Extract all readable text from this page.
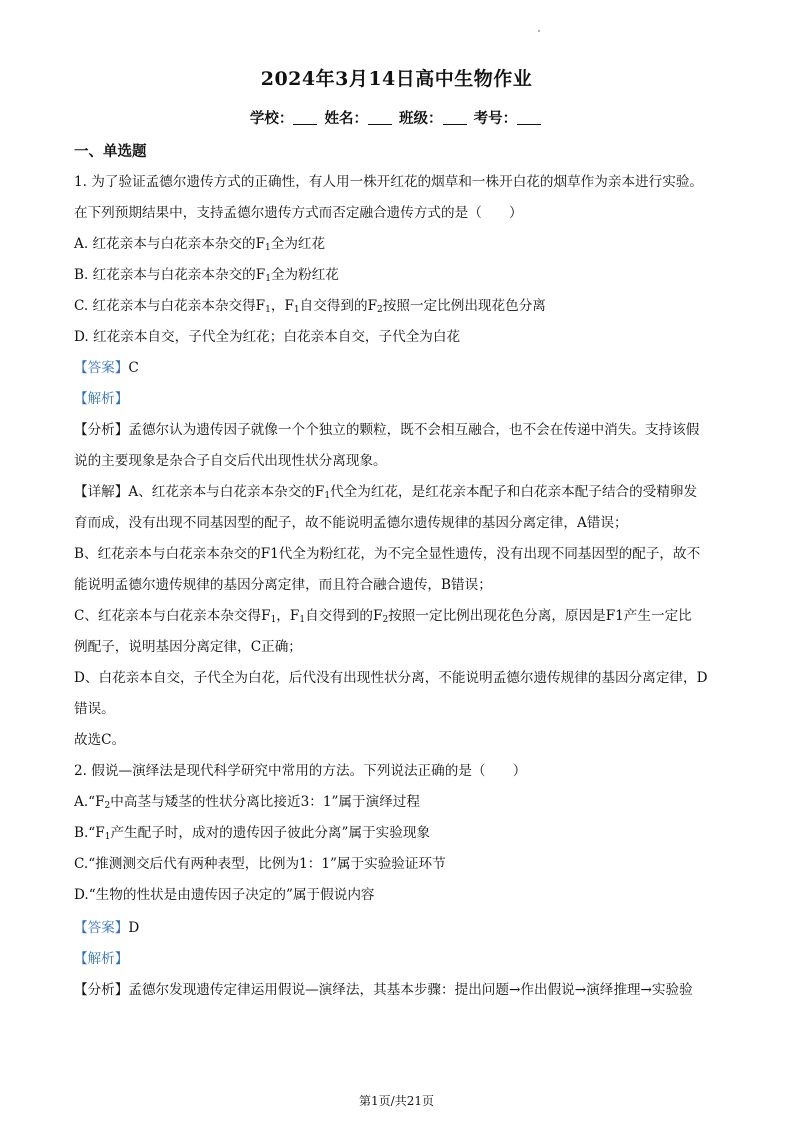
2024年3月14日高中生物作业
学校： 姓名： 班级： 考号：
一、单选题
1. 为了验证孟德尔遗传方式的正确性，有人用一株开红花的烟草和一株开白花的烟草作为亲本进行实验。
在下列预期结果中，支持孟德尔遗传方式而否定融合遗传方式的是（　　）
A. 红花亲本与白花亲本杂交的$F_1$全为红花
B. 红花亲本与白花亲本杂交的$F_1$全为粉红花
C. 红花亲本与白花亲本杂交得$F_1$，$F_1$自交得到的$F_2$按照一定比例出现花色分离
D. 红花亲本自交，子代全为红花；白花亲本自交，子代全为白花
【答案】C
【解析】
【分析】孟德尔认为遗传因子就像一个个独立的颗粒，既不会相互融合，也不会在传递中消失。支持该假
说的主要现象是杂合子自交后代出现性状分离现象。
【详解】A、红花亲本与白花亲本杂交的$F_1$代全为红花，是红花亲本配子和白花亲本配子结合的受精卵发
育而成，没有出现不同基因型的配子，故不能说明孟德尔遗传规律的基因分离定律，A错误；
B、红花亲本与白花亲本杂交的F1代全为粉红花，为不完全显性遗传，没有出现不同基因型的配子，故不
能说明孟德尔遗传规律的基因分离定律，而且符合融合遗传，B错误；
C、红花亲本与白花亲本杂交得$F_1$，$F_1$自交得到的$F_2$按照一定比例出现花色分离，原因是F1产生一定比
例配子，说明基因分离定律，C正确；
D、白花亲本自交，子代全为白花，后代没有出现性状分离，不能说明孟德尔遗传规律的基因分离定律，D
错误。
故选C。
2. 假说—演绎法是现代科学研究中常用的方法。下列说法正确的是（　　）
$A.“F_2$中高茎与矮茎的性状分离比接近3：1”属于演绎过程
$B.“F_1$产生配子时，成对的遗传因子彼此分离”属于实验现象
C.“推测测交后代有两种表型，比例为1：1”属于实验验证环节
D.“生物的性状是由遗传因子决定的”属于假说内容
【答案】D
【解析】
【分析】孟德尔发现遗传定律运用假说—演绎法，其基本步骤：提出问题→作出假说→演绎推理→实验验
第1页/共21页
